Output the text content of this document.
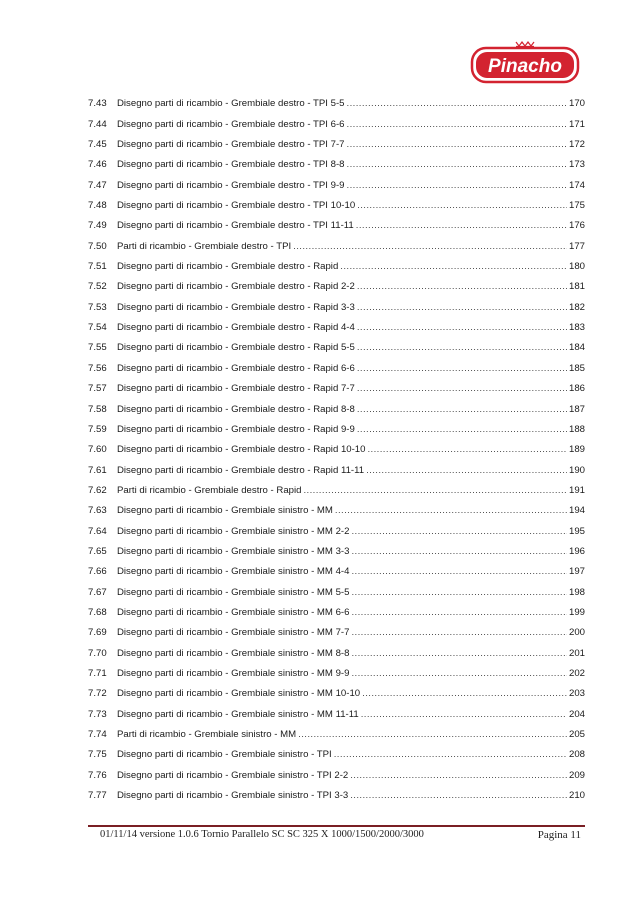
Pinacho
7.43	Disegno parti di ricambio - Grembiale destro - TPI 5-5 .....	170
7.44	Disegno parti di ricambio - Grembiale destro - TPI 6-6 .....	171
7.45	Disegno parti di ricambio - Grembiale destro - TPI 7-7 .....	172
7.46	Disegno parti di ricambio - Grembiale destro - TPI 8-8 .....	173
7.47	Disegno parti di ricambio - Grembiale destro - TPI 9-9 .....	174
7.48	Disegno parti di ricambio - Grembiale destro - TPI 10-10 .....	175
7.49	Disegno parti di ricambio - Grembiale destro - TPI 11-11 .....	176
7.50	Parti di ricambio - Grembiale destro - TPI .....	177
7.51	Disegno parti di ricambio - Grembiale destro - Rapid .....	180
7.52	Disegno parti di ricambio - Grembiale destro - Rapid 2-2 .....	181
7.53	Disegno parti di ricambio - Grembiale destro - Rapid 3-3 .....	182
7.54	Disegno parti di ricambio - Grembiale destro - Rapid 4-4 .....	183
7.55	Disegno parti di ricambio - Grembiale destro - Rapid 5-5 .....	184
7.56	Disegno parti di ricambio - Grembiale destro - Rapid 6-6 .....	185
7.57	Disegno parti di ricambio - Grembiale destro - Rapid 7-7 .....	186
7.58	Disegno parti di ricambio - Grembiale destro - Rapid 8-8 .....	187
7.59	Disegno parti di ricambio - Grembiale destro - Rapid 9-9 .....	188
7.60	Disegno parti di ricambio - Grembiale destro - Rapid 10-10 .....	189
7.61	Disegno parti di ricambio - Grembiale destro - Rapid 11-11 .....	190
7.62	Parti di ricambio - Grembiale destro - Rapid .....	191
7.63	Disegno parti di ricambio - Grembiale sinistro - MM .....	194
7.64	Disegno parti di ricambio - Grembiale sinistro - MM 2-2 .....	195
7.65	Disegno parti di ricambio - Grembiale sinistro - MM 3-3 .....	196
7.66	Disegno parti di ricambio - Grembiale sinistro - MM 4-4 .....	197
7.67	Disegno parti di ricambio - Grembiale sinistro - MM 5-5 .....	198
7.68	Disegno parti di ricambio - Grembiale sinistro - MM 6-6 .....	199
7.69	Disegno parti di ricambio - Grembiale sinistro - MM 7-7 .....	200
7.70	Disegno parti di ricambio - Grembiale sinistro - MM 8-8 .....	201
7.71	Disegno parti di ricambio - Grembiale sinistro - MM 9-9 .....	202
7.72	Disegno parti di ricambio - Grembiale sinistro - MM 10-10 .....	203
7.73	Disegno parti di ricambio - Grembiale sinistro - MM 11-11 .....	204
7.74	Parti di ricambio - Grembiale sinistro - MM .....	205
7.75	Disegno parti di ricambio - Grembiale sinistro - TPI .....	208
7.76	Disegno parti di ricambio - Grembiale sinistro - TPI 2-2 .....	209
7.77	Disegno parti di ricambio - Grembiale sinistro - TPI 3-3 .....	210
01/11/14 versione 1.0.6 Tornio Parallelo SC SC 325 X 1000/1500/2000/3000	Pagina 11
